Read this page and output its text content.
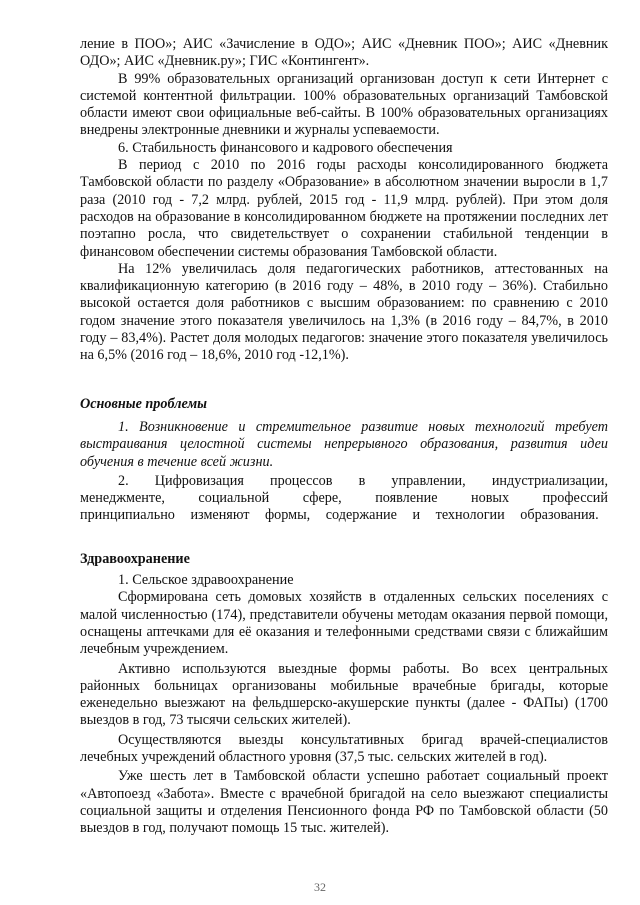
ление в ПОО»; АИС «Зачисление в ОДО»; АИС «Дневник ПОО»; АИС «Дневник ОДО»; АИС «Дневник.ру»; ГИС «Контингент».

В 99% образовательных организаций организован доступ к сети Интернет с системой контентной фильтрации. 100% образовательных организаций Тамбовской области имеют свои официальные веб-сайты. В 100% образовательных организациях внедрены электронные дневники и журналы успеваемости.

6. Стабильность финансового и кадрового обеспечения

В период с 2010 по 2016 годы расходы консолидированного бюджета Тамбовской области по разделу «Образование» в абсолютном значении выросли в 1,7 раза (2010 год - 7,2 млрд. рублей, 2015 год - 11,9 млрд. рублей). При этом доля расходов на образование в консолидированном бюджете на протяжении последних лет поэтапно росла, что свидетельствует о сохранении стабильной тенденции в финансовом обеспечении системы образования Тамбовской области.

На 12% увеличилась доля педагогических работников, аттестованных на квалификационную категорию (в 2016 году – 48%, в 2010 году – 36%). Стабильно высокой остается доля работников с высшим образованием: по сравнению с 2010 годом значение этого показателя увеличилось на 1,3% (в 2016 году – 84,7%, в 2010 году – 83,4%). Растет доля молодых педагогов: значение этого показателя увеличилось на 6,5% (2016 год – 18,6%, 2010 год -12,1%).

Основные проблемы

1. Возникновение и стремительное развитие новых технологий требует выстраивания целостной системы непрерывного образования, развития идеи обучения в течение всей жизни.

2. Цифровизация процессов в управлении, индустриализации, менеджменте, социальной сфере, появление новых профессий принципиально изменяют формы, содержание и технологии образования.

Здравоохранение

1. Сельское здравоохранение

Сформирована сеть домовых хозяйств в отдаленных сельских поселениях с малой численностью (174), представители обучены методам оказания первой помощи, оснащены аптечками для её оказания и телефонными средствами связи с ближайшим лечебным учреждением.

Активно используются выездные формы работы. Во всех центральных районных больницах организованы мобильные врачебные бригады, которые еженедельно выезжают на фельдшерско-акушерские пункты (далее - ФАПы) (1700 выездов в год, 73 тысячи сельских жителей).

Осуществляются выезды консультативных бригад врачей-специалистов лечебных учреждений областного уровня (37,5 тыс. сельских жителей в год).

Уже шесть лет в Тамбовской области успешно работает социальный проект «Автопоезд «Забота». Вместе с врачебной бригадой на село выезжают специалисты социальной защиты и отделения Пенсионного фонда РФ по Тамбовской области (50 выездов в год, получают помощь 15 тыс. жителей).

32
